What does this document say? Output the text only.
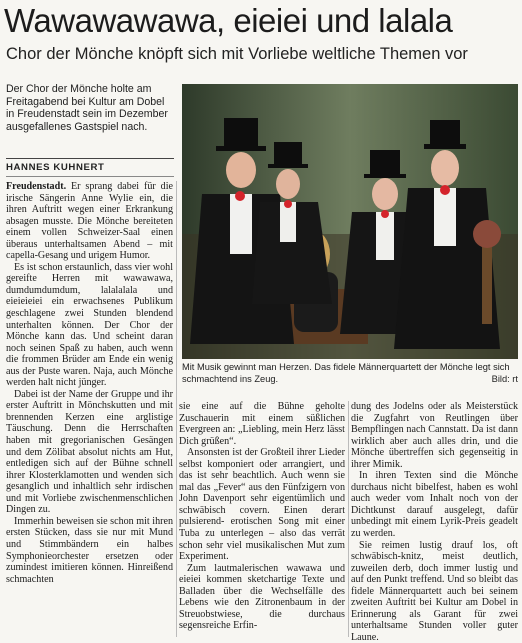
Wawawawawa, eieiei und lalala
Chor der Mönche knöpft sich mit Vorliebe weltliche Themen vor
Der Chor der Mönche holte am Freitagabend bei Kultur am Dobel in Freudenstadt sein im Dezember ausgefallenes Gastspiel nach.
HANNES KUHNERT

Freudenstadt. Er sprang dabei für die irische Sängerin Anne Wylie ein, die ihren Auftritt wegen einer Erkrankung absagen musste. Die Mönche bereiteten einem vollen Schweizer-Saal einen überaus unterhaltsamen Abend – mit capella-Gesang und urigem Humor.

Es ist schon erstaunlich, dass vier wohl gereifte Herren mit wawawawa, dumdumdumdum, lalalalala und eieieieiei ein erwachsenes Publikum geschlagene zwei Stunden blendend unterhalten können. Der Chor der Mönche kann das. Und scheint daran noch seinen Spaß zu haben, auch wenn die frommen Brüder am Ende ein wenig aus der Puste waren. Naja, auch Mönche werden halt nicht jünger.

Dabei ist der Name der Gruppe und ihr erster Auftritt in Mönchskutten und mit brennenden Kerzen eine arglistige Täuschung. Denn die Herrschaften haben mit gregorianischen Gesängen und dem Zölibat absolut nichts am Hut, entledigen sich auf der Bühne schnell ihrer Klosterklamotten und wenden sich gesanglich und inhaltlich sehr irdischen und mit Vorliebe zwischenmenschlichen Dingen zu.

Immerhin beweisen sie schon mit ihren ersten Stücken, dass sie nur mit Mund und Stimmbändern ein halbes Symphonieorchester ersetzen oder zumindest imitieren können. Hinreißend schmachten

Mit Musik gewinnt man Herzen. Das fidele Männerquartett der Mönche legt sich schmachtend ins Zeug.	Bild: rt

sie eine auf die Bühne geholte Zuschauerin mit einem süßlichen Evergreen an: „Liebling, mein Herz lässt Dich grüßen“.

Ansonsten ist der Großteil ihrer Lieder selbst komponiert oder arrangiert, und das ist sehr beachtlich. Auch wenn sie mal das „Fever“ aus den Fünfzigern von John Davenport sehr eigentümlich und schwäbisch covern. Einen derart pulsierend- erotischen Song mit einer Tuba zu unterlegen – also das verrät schon sehr viel musikalischen Mut zum Experiment.

Zum lautmalerischen wawawa und eieiei kommen sketchartige Texte und Balladen über die Wechselfälle des Lebens wie den Zitronenbaum in der Streuobstwiese, die durchaus segensreiche Erfin-

dung des Jodelns oder als Meisterstück die Zugfahrt von Reutlingen über Bempflingen nach Cannstatt. Da ist dann wirklich aber auch alles drin, und die Mönche übertreffen sich gegenseitig in ihrer Mimik.

In ihren Texten sind die Mönche durchaus nicht bibelfest, haben es wohl auch weder vom Inhalt noch von der Dichtkunst darauf ausgelegt, dafür unbedingt mit einem Lyrik-Preis geadelt zu werden.

Sie reimen lustig drauf los, oft schwäbisch-knitz, meist deutlich, zuweilen derb, doch immer lustig und auf den Punkt treffend. Und so bleibt das fidele Männerquartett auch bei seinem zweiten Auftritt bei Kultur am Dobel in Erinnerung als Garant für zwei unterhaltsame Stunden voller guter Laune.
